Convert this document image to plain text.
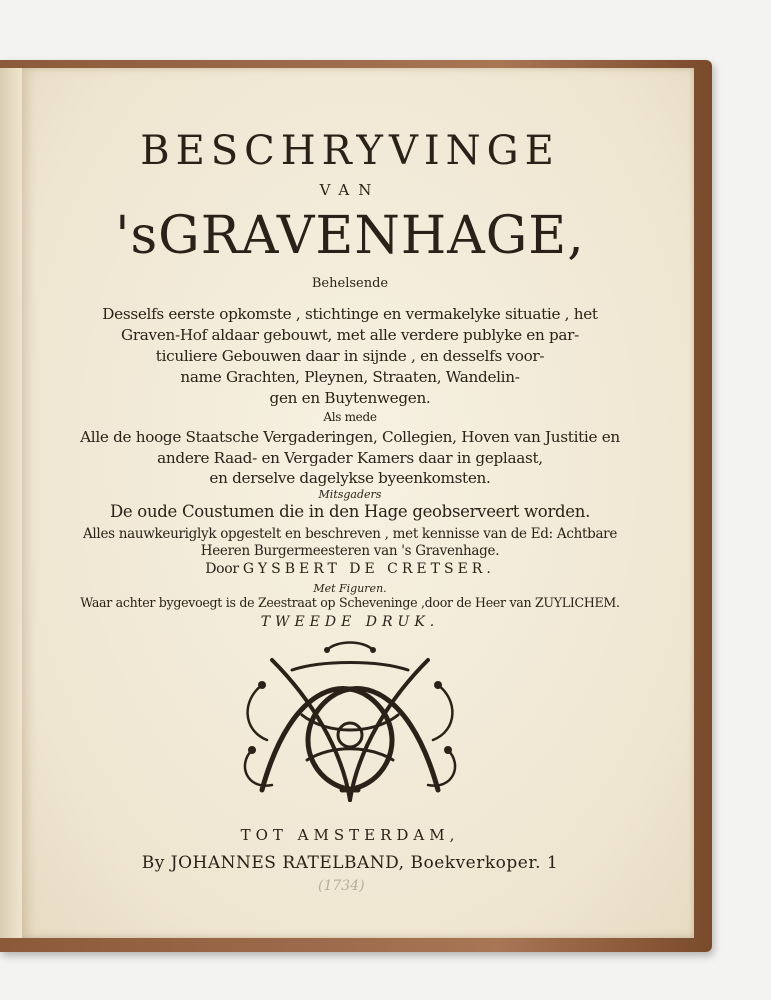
BESCHRYVINGE
VAN
'sGRAVENHAGE,
Behelsende
Desselfs eerste opkomste , stichtinge en vermakelyke situatie , het
Graven-Hof aldaar gebouwt, met alle verdere publyke en par-
ticuliere Gebouwen daar in sijnde , en desselfs voor-
name Grachten, Pleynen, Straaten, Wandelin-
gen en Buytenwegen.
Als mede
Alle de hooge Staatsche Vergaderingen, Collegien, Hoven van Justitie en
andere Raad- en Vergader Kamers daar in geplaast,
en derselve dagelykse byeenkomsten.
Mitsgaders
De oude Coustumen die in den Hage geobserveert worden.
Alles nauwkeuriglyk opgestelt en beschreven , met kennisse van de Ed: Achtbare
Heeren Burgermeesteren van 's Gravenhage.
Door GYSBERT DE CRETSER.
Met Figuren.
Waar achter bygevoegt is de Zeestraat op Scheveninge ,door de Heer van ZUYLICHEM.
TWEEDE DRUK.
TOT AMSTERDAM,
By JOHANNES RATELBAND, Boekverkoper. 1
(1734)
